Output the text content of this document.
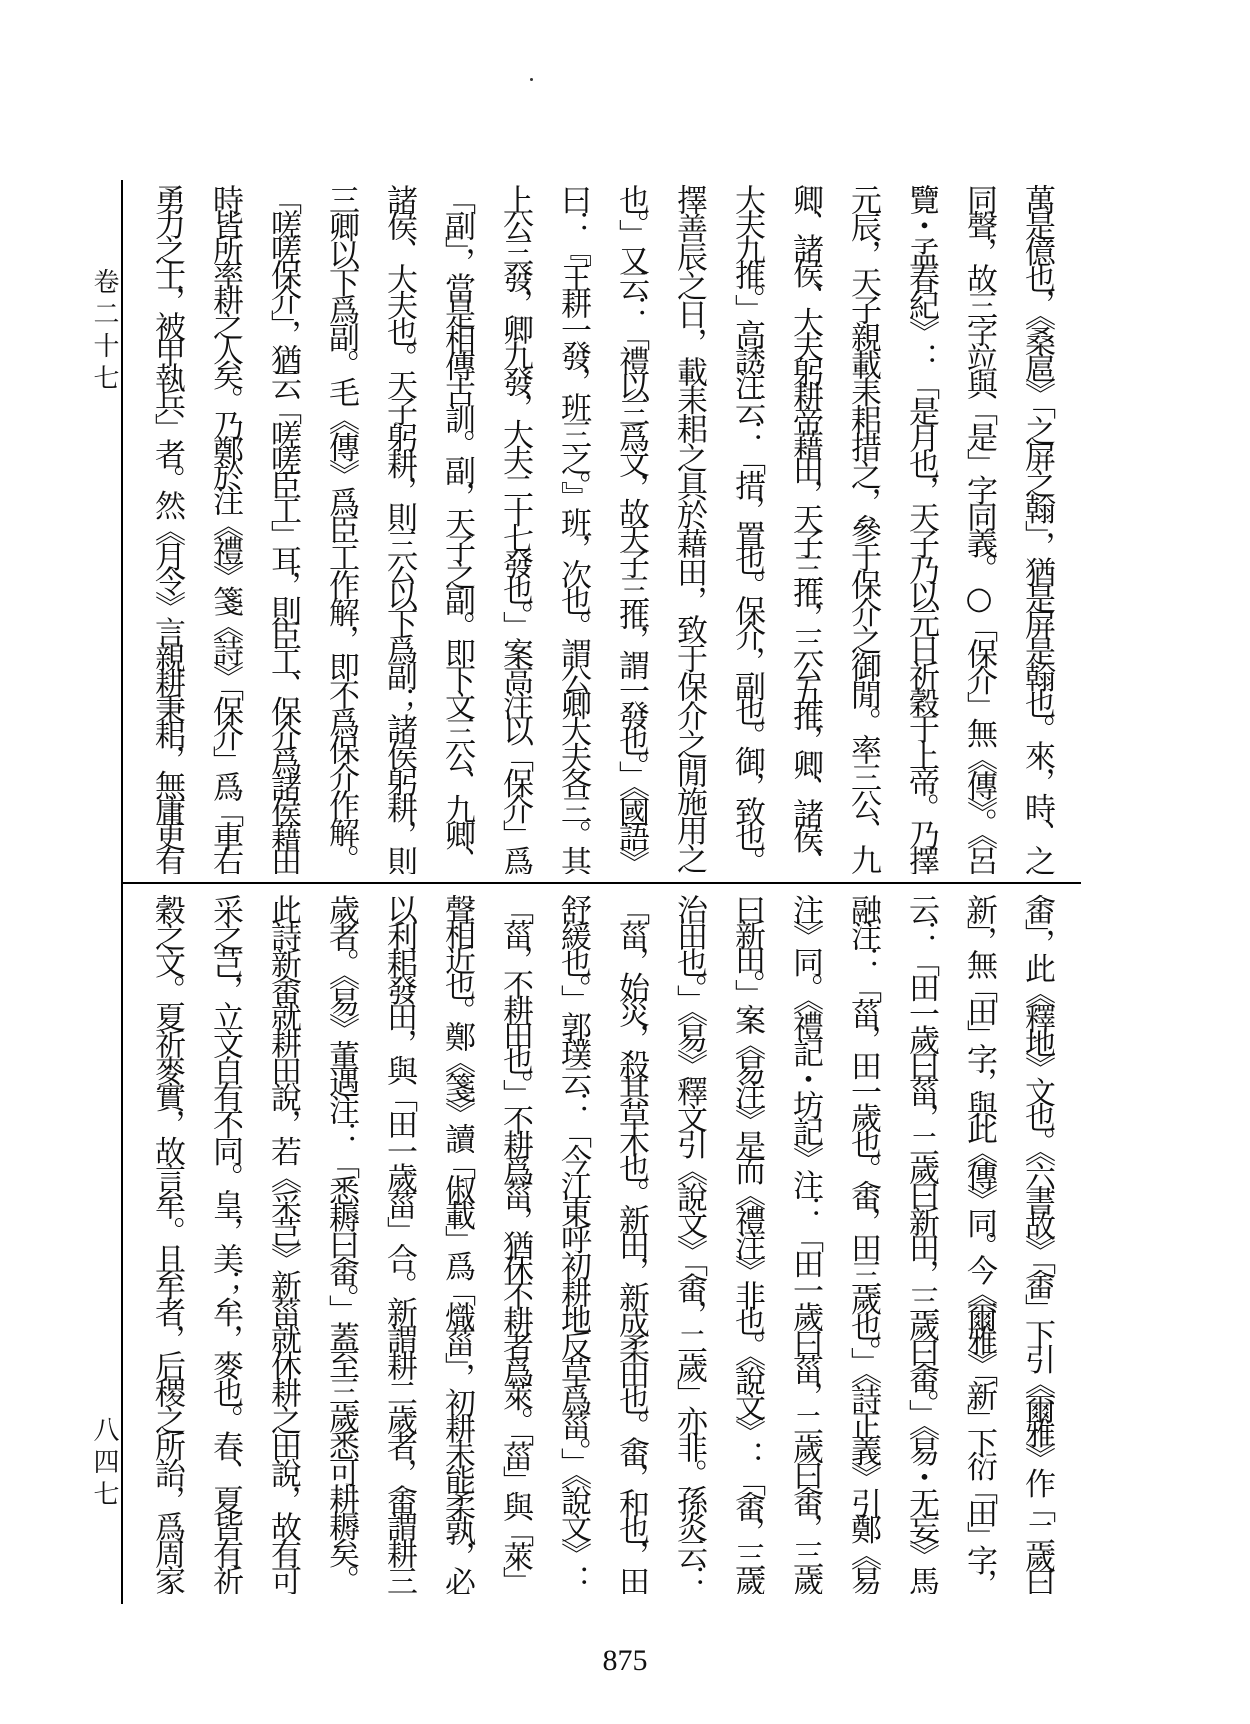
卷二十七
八四七
萬是億也，《桑扈》「之屏之翰」，猶是屏是翰也。來，時、之
同聲，故三字竝與「是」字同義。○「保介」無《傳》。《呂
覽・孟春紀》：「是月也，天子乃以元日祈穀于上帝。乃擇
元辰，天子親載耒耜措之，參于保介之御閒。率三公、九
卿、諸侯、大夫躬耕帝藉田，天子三推，三公五推，卿、諸侯、
大夫九推。」高誘注云：「措，置也。保介，副也。御，致也。
擇善辰之日，載耒耜之具於藉田，致于保介之閒施用之
也。」又云：「禮以三爲文，故天子三推，謂一發也。」《國語》
曰：『王耕一發，班三之。』班，次也。謂公卿大夫各三。其
上公三發，卿九發，大夫二十七發也。」案高注以「保介」爲
「副」，當是相傳古訓。副，天子之副。即下文三公、九卿、
諸侯、大夫也。天子躬耕，則三公以下爲副；諸侯躬耕，則
三卿以下爲副。毛《傳》爲臣工作解，即不爲保介作解。
「嗟嗟保介」，猶云「嗟嗟臣工」耳，則臣工、保介爲諸侯藉田
時皆所率耕之人矣。乃鄭於注《禮》箋《詩》「保介」爲「車右
勇力之士，被甲執兵」者。然《月令》言親耕秉耜，無庸更有
畬」，此《釋地》文也。《六書故》「畬」下引《爾雅》作「二歲曰
新」，無「田」字，與此《傳》同。今《爾雅》「新」下衍「田」字，
云：「田一歲曰菑，二歲曰新田，三歲曰畬。」《易・无妄》馬
融注：「菑，田一歲也。畬，田三歲也。」《詩正義》引鄭《易
注》同。《禮記・坊記》注：「田一歲曰菑，二歲曰畬，三歲
曰新田。」案《易注》是而《禮注》非也。《說文》：「畬，三歲
治田也。」《易》釋文引《說文》「畬，二歲」亦非。孫炎云：
「菑，始災，殺其草木也。新田，新成柔田也。畬，和也，田
舒緩也。」郭璞云：「今江東呼初耕地反草爲菑。」《說文》：
「菑，不耕田也。」不耕爲菑，猶休不耕者爲萊。「菑」與「萊」
聲相近也。鄭《箋》讀「俶載」爲「熾菑」，初耕未能柔孰，必
以利耜發田，與「田一歲菑」合。新謂耕二歲者，畬謂耕三
歲者。《易》董遇注：「悉耨曰畬。」蓋至三歲悉可耕耨矣。
此詩新畬就耕田說，若《采芑》新菑就休耕之田說，故有可
采之芑，立文自有不同。皇，美；牟，麥也。春、夏皆有祈
穀之文。夏祈麥實，故言牟。且牟者，后稷之所詒，爲周家
875
